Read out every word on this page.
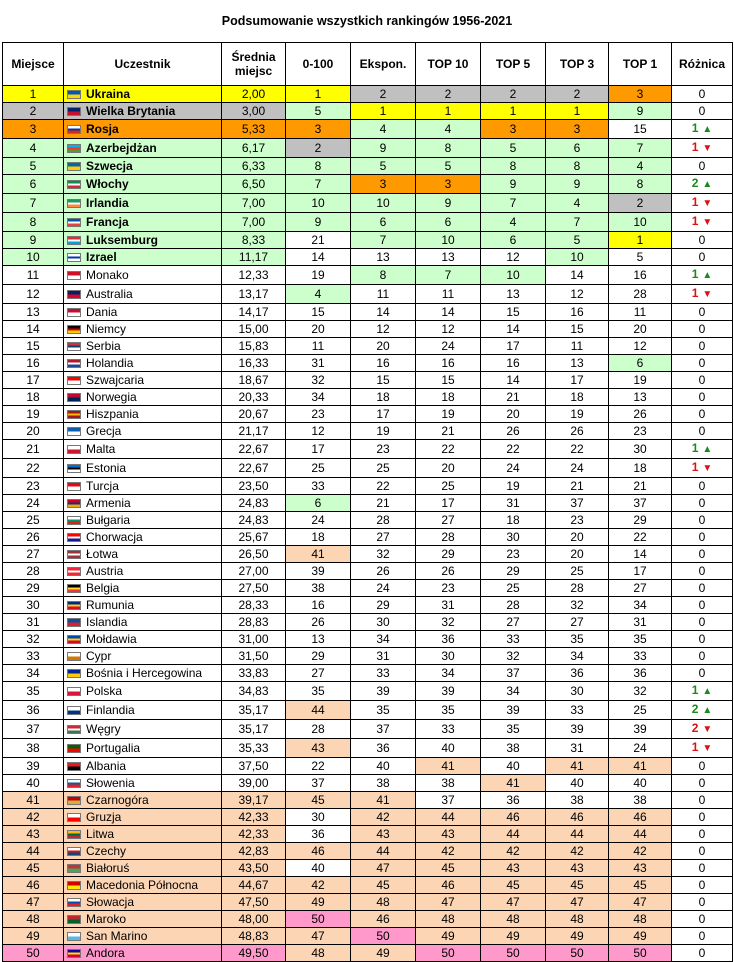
Podsumowanie wszystkich rankingów 1956-2021
Miejsce	Uczestnik	Średnia miejsc	0-100	Ekspon.	TOP 10	TOP 5	TOP 3	TOP 1	Różnica
1	Ukraina	2,00	1	2	2	2	2	3	0
2	Wielka Brytania	3,00	5	1	1	1	1	9	0
3	Rosja	5,33	3	4	4	3	3	15	1 ▲
4	Azerbejdżan	6,17	2	9	8	5	6	7	1 ▼
5	Szwecja	6,33	8	5	5	8	8	4	0
6	Włochy	6,50	7	3	3	9	9	8	2 ▲
7	Irlandia	7,00	10	10	9	7	4	2	1 ▼
8	Francja	7,00	9	6	6	4	7	10	1 ▼
9	Luksemburg	8,33	21	7	10	6	5	1	0
10	Izrael	11,17	14	13	13	12	10	5	0
11	Monako	12,33	19	8	7	10	14	16	1 ▲
12	Australia	13,17	4	11	11	13	12	28	1 ▼
13	Dania	14,17	15	14	14	15	16	11	0
14	Niemcy	15,00	20	12	12	14	15	20	0
15	Serbia	15,83	11	20	24	17	11	12	0
16	Holandia	16,33	31	16	16	16	13	6	0
17	Szwajcaria	18,67	32	15	15	14	17	19	0
18	Norwegia	20,33	34	18	18	21	18	13	0
19	Hiszpania	20,67	23	17	19	20	19	26	0
20	Grecja	21,17	12	19	21	26	26	23	0
21	Malta	22,67	17	23	22	22	22	30	1 ▲
22	Estonia	22,67	25	25	20	24	24	18	1 ▼
23	Turcja	23,50	33	22	25	19	21	21	0
24	Armenia	24,83	6	21	17	31	37	37	0
25	Bułgaria	24,83	24	28	27	18	23	29	0
26	Chorwacja	25,67	18	27	28	30	20	22	0
27	Łotwa	26,50	41	32	29	23	20	14	0
28	Austria	27,00	39	26	26	29	25	17	0
29	Belgia	27,50	38	24	23	25	28	27	0
30	Rumunia	28,33	16	29	31	28	32	34	0
31	Islandia	28,83	26	30	32	27	27	31	0
32	Mołdawia	31,00	13	34	36	33	35	35	0
33	Cypr	31,50	29	31	30	32	34	33	0
34	Bośnia i Hercegowina	33,83	27	33	34	37	36	36	0
35	Polska	34,83	35	39	39	34	30	32	1 ▲
36	Finlandia	35,17	44	35	35	39	33	25	2 ▲
37	Węgry	35,17	28	37	33	35	39	39	2 ▼
38	Portugalia	35,33	43	36	40	38	31	24	1 ▼
39	Albania	37,50	22	40	41	40	41	41	0
40	Słowenia	39,00	37	38	38	41	40	40	0
41	Czarnogóra	39,17	45	41	37	36	38	38	0
42	Gruzja	42,33	30	42	44	46	46	46	0
43	Litwa	42,33	36	43	43	44	44	44	0
44	Czechy	42,83	46	44	42	42	42	42	0
45	Białoruś	43,50	40	47	45	43	43	43	0
46	Macedonia Północna	44,67	42	45	46	45	45	45	0
47	Słowacja	47,50	49	48	47	47	47	47	0
48	Maroko	48,00	50	46	48	48	48	48	0
49	San Marino	48,83	47	50	49	49	49	49	0
50	Andora	49,50	48	49	50	50	50	50	0
